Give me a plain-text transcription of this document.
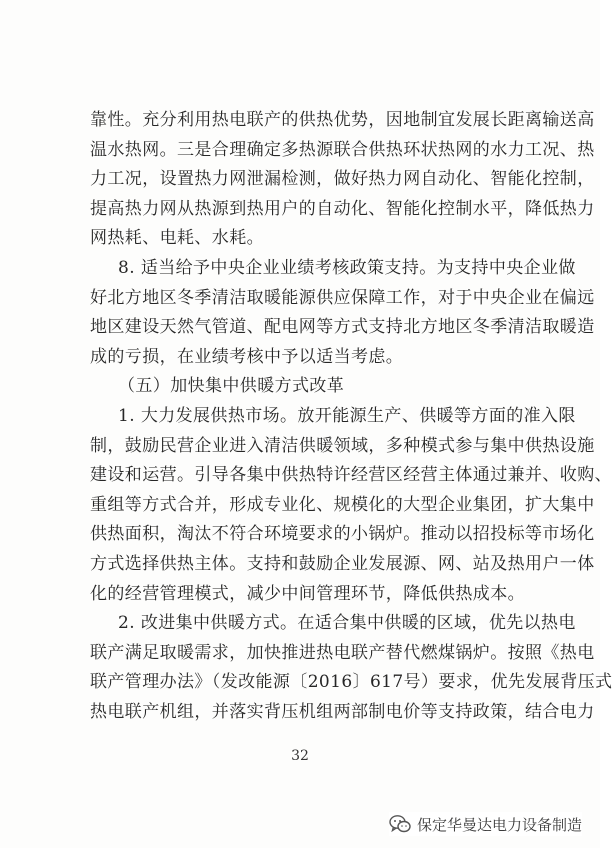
靠性。充分利用热电联产的供热优势，因地制宜发展长距离输送高
温水热网。三是合理确定多热源联合供热环状热网的水力工况、热
力工况，设置热力网泄漏检测，做好热力网自动化、智能化控制，
提高热力网从热源到热用户的自动化、智能化控制水平，降低热力
网热耗、电耗、水耗。
8. 适当给予中央企业业绩考核政策支持。为支持中央企业做
好北方地区冬季清洁取暖能源供应保障工作，对于中央企业在偏远
地区建设天然气管道、配电网等方式支持北方地区冬季清洁取暖造
成的亏损，在业绩考核中予以适当考虑。
（五）加快集中供暖方式改革
1. 大力发展供热市场。放开能源生产、供暖等方面的准入限
制，鼓励民营企业进入清洁供暖领域，多种模式参与集中供热设施
建设和运营。引导各集中供热特许经营区经营主体通过兼并、收购、
重组等方式合并，形成专业化、规模化的大型企业集团，扩大集中
供热面积，淘汰不符合环境要求的小锅炉。推动以招投标等市场化
方式选择供热主体。支持和鼓励企业发展源、网、站及热用户一体
化的经营管理模式，减少中间管理环节，降低供热成本。
2. 改进集中供暖方式。在适合集中供暖的区域，优先以热电
联产满足取暖需求，加快推进热电联产替代燃煤锅炉。按照《热电
联产管理办法》（发改能源〔2016〕617号）要求，优先发展背压式
热电联产机组，并落实背压机组两部制电价等支持政策，结合电力
32
保定华曼达电力设备制造
